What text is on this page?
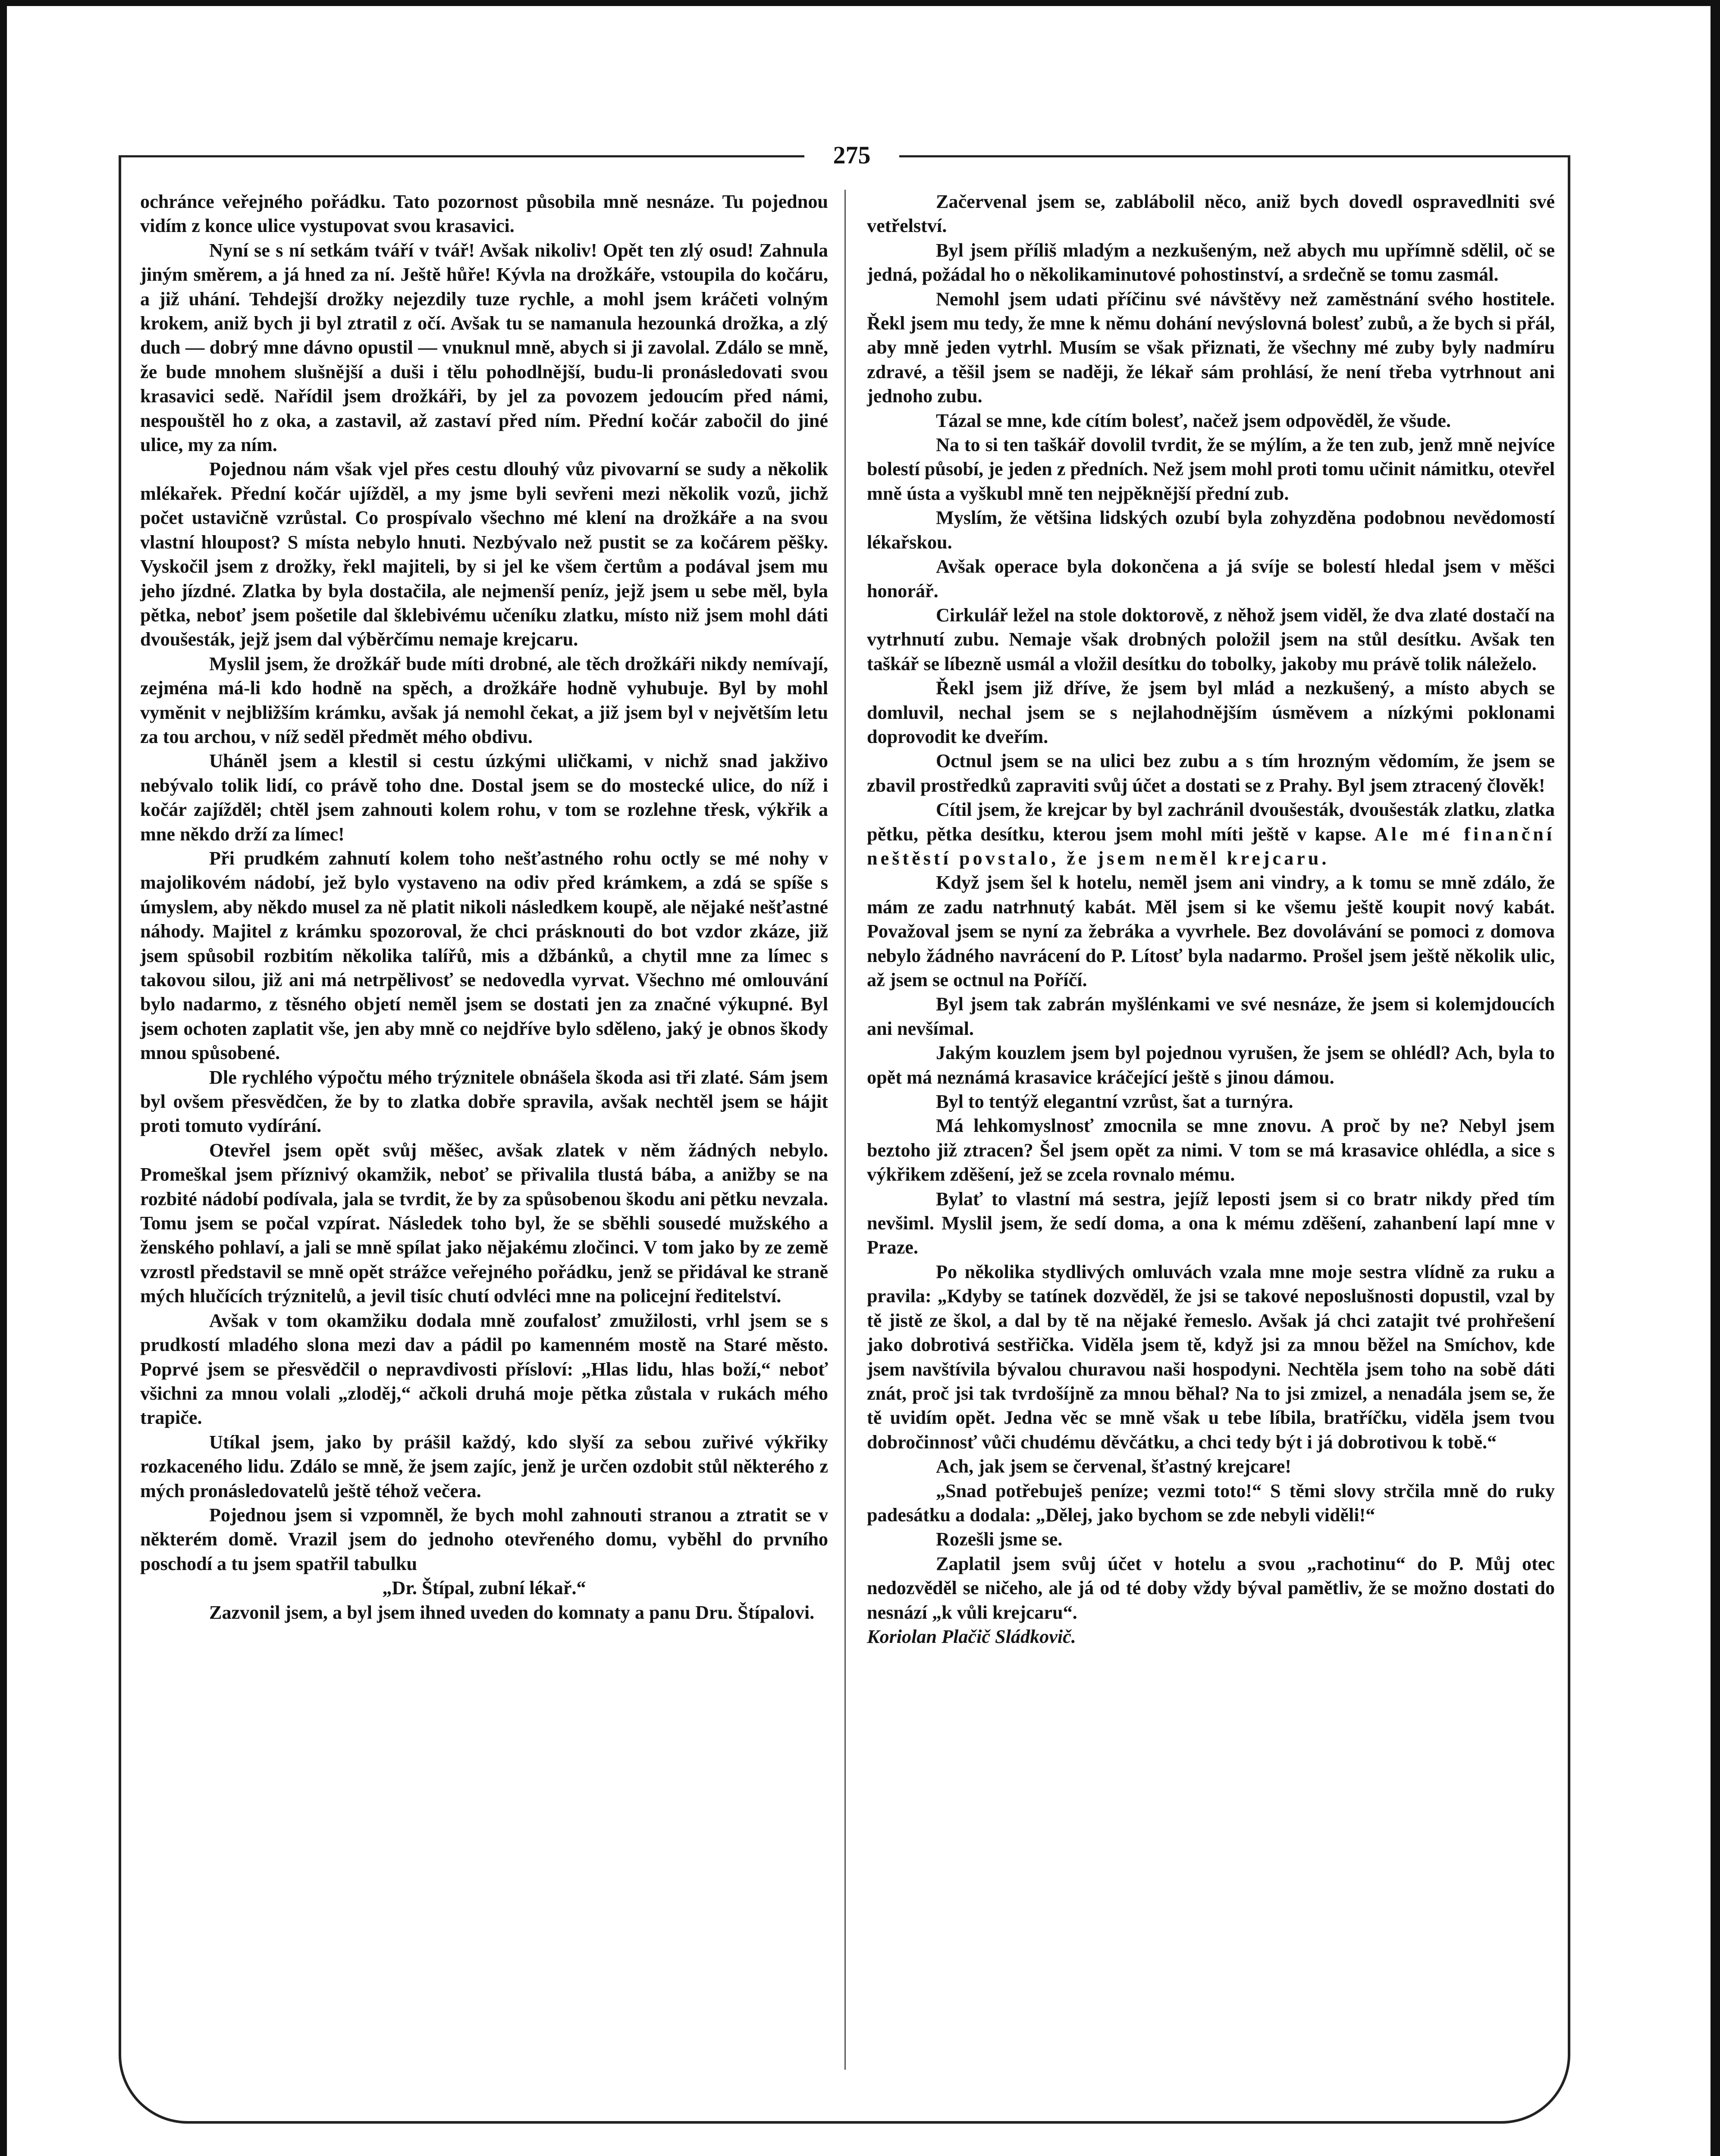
275

ochránce veřejného pořádku. Tato pozornost působila mně nesnáze. Tu pojednou vidím z konce ulice vystupovat svou krasavici.

Nyní se s ní setkám tváří v tvář! Avšak nikoliv! Opět ten zlý osud! Zahnula jiným směrem, a já hned za ní. Ještě hůře! Kývla na drožkáře, vstoupila do kočáru, a již uhání. Tehdejší drožky nejezdily tuze rychle, a mohl jsem kráčeti volným krokem, aniž bych ji byl ztratil z očí. Avšak tu se namanula hezounká drožka, a zlý duch — dobrý mne dávno opustil — vnuknul mně, abych si ji zavolal. Zdálo se mně, že bude mnohem slušnější a duši i tělu pohodlnější, budu-li pronásledovati svou krasavici sedě. Nařídil jsem drožkáři, by jel za povozem jedoucím před námi, nespouštěl ho z oka, a zastavil, až zastaví před ním. Přední kočár zabočil do jiné ulice, my za ním.

Pojednou nám však vjel přes cestu dlouhý vůz pivovarní se sudy a několik mlékařek. Přední kočár ujížděl, a my jsme byli sevřeni mezi několik vozů, jichž počet ustavičně vzrůstal. Co prospívalo všechno mé klení na drožkáře a na svou vlastní hloupost? S místa nebylo hnuti. Nezbývalo než pustit se za kočárem pěšky. Vyskočil jsem z drožky, řekl majiteli, by si jel ke všem čertům a podával jsem mu jeho jízdné. Zlatka by byla dostačila, ale nejmenší peníz, jejž jsem u sebe měl, byla pětka, neboť jsem pošetile dal šklebivému učeníku zlatku, místo niž jsem mohl dáti dvoušesták, jejž jsem dal výběrčímu nemaje krejcaru.

Myslil jsem, že drožkář bude míti drobné, ale těch drožkáři nikdy nemívají, zejména má-li kdo hodně na spěch, a drožkáře hodně vyhubuje. Byl by mohl vyměnit v nejbližším krámku, avšak já nemohl čekat, a již jsem byl v největším letu za tou archou, v níž seděl předmět mého obdivu.

Uháněl jsem a klestil si cestu úzkými uličkami, v nichž snad jakživo nebývalo tolik lidí, co právě toho dne. Dostal jsem se do mostecké ulice, do níž i kočár zajížděl; chtěl jsem zahnouti kolem rohu, v tom se rozlehne třesk, výkřik a mne někdo drží za límec!

Při prudkém zahnutí kolem toho nešťastného rohu octly se mé nohy v majolikovém nádobí, jež bylo vystaveno na odiv před krámkem, a zdá se spíše s úmyslem, aby někdo musel za ně platit nikoli následkem koupě, ale nějaké nešťastné náhody. Majitel z krámku spozoroval, že chci prásknouti do bot vzdor zkáze, již jsem spůsobil rozbitím několika talířů, mis a džbánků, a chytil mne za límec s takovou silou, již ani má netrpělivosť se nedovedla vyrvat. Všechno mé omlouvání bylo nadarmo, z těsného objetí neměl jsem se dostati jen za značné výkupné. Byl jsem ochoten zaplatit vše, jen aby mně co nejdříve bylo sděleno, jaký je obnos škody mnou spůsobené.

Dle rychlého výpočtu mého trýznitele obnášela škoda asi tři zlaté. Sám jsem byl ovšem přesvědčen, že by to zlatka dobře spravila, avšak nechtěl jsem se hájit proti tomuto vydírání.

Otevřel jsem opět svůj měšec, avšak zlatek v něm žádných nebylo. Promeškal jsem příznivý okamžik, neboť se přivalila tlustá bába, a anižby se na rozbité nádobí podívala, jala se tvrdit, že by za spůsobenou škodu ani pětku nevzala. Tomu jsem se počal vzpírat. Následek toho byl, že se sběhli sousedé mužského a ženského pohlaví, a jali se mně spílat jako nějakému zločinci. V tom jako by ze země vzrostl představil se mně opět strážce veřejného pořádku, jenž se přidával ke straně mých hlučících trýznitelů, a jevil tisíc chutí odvléci mne na policejní ředitelství.

Avšak v tom okamžiku dodala mně zoufalosť zmužilosti, vrhl jsem se s prudkostí mladého slona mezi dav a pádil po kamenném mostě na Staré město. Poprvé jsem se přesvědčil o nepravdivosti přísloví: „Hlas lidu, hlas boží,“ neboť všichni za mnou volali „zloděj,“ ačkoli druhá moje pětka zůstala v rukách mého trapiče.

Utíkal jsem, jako by prášil každý, kdo slyší za sebou zuřivé výkřiky rozkaceného lidu. Zdálo se mně, že jsem zajíc, jenž je určen ozdobit stůl některého z mých pronásledovatelů ještě téhož večera.

Pojednou jsem si vzpomněl, že bych mohl zahnouti stranou a ztratit se v některém domě. Vrazil jsem do jednoho otevřeného domu, vyběhl do prvního poschodí a tu jsem spatřil tabulku

„Dr. Štípal, zubní lékař.“

Zazvonil jsem, a byl jsem ihned uveden do komnaty a panu Dru. Štípalovi.

Začervenal jsem se, zablábolil něco, aniž bych dovedl ospravedlniti své vetřelství.

Byl jsem příliš mladým a nezkušeným, než abych mu upřímně sdělil, oč se jedná, požádal ho o několikaminutové pohostinství, a srdečně se tomu zasmál.

Nemohl jsem udati příčinu své návštěvy než zaměstnání svého hostitele. Řekl jsem mu tedy, že mne k němu dohání nevýslovná bolesť zubů, a že bych si přál, aby mně jeden vytrhl. Musím se však přiznati, že všechny mé zuby byly nadmíru zdravé, a těšil jsem se naději, že lékař sám prohlásí, že není třeba vytrhnout ani jednoho zubu.

Tázal se mne, kde cítím bolesť, načež jsem odpověděl, že všude.

Na to si ten taškář dovolil tvrdit, že se mýlím, a že ten zub, jenž mně nejvíce bolestí působí, je jeden z předních. Než jsem mohl proti tomu učinit námitku, otevřel mně ústa a vyškubl mně ten nejpěknější přední zub.

Myslím, že většina lidských ozubí byla zohyzděna podobnou nevědomostí lékařskou.

Avšak operace byla dokončena a já svíje se bolestí hledal jsem v měšci honorář.

Cirkulář ležel na stole doktorově, z něhož jsem viděl, že dva zlaté dostačí na vytrhnutí zubu. Nemaje však drobných položil jsem na stůl desítku. Avšak ten taškář se líbezně usmál a vložil desítku do tobolky, jakoby mu právě tolik náleželo.

Řekl jsem již dříve, že jsem byl mlád a nezkušený, a místo abych se domluvil, nechal jsem se s nejlahodnějším úsměvem a nízkými poklonami doprovodit ke dveřím.

Octnul jsem se na ulici bez zubu a s tím hrozným vědomím, že jsem se zbavil prostředků zapraviti svůj účet a dostati se z Prahy. Byl jsem ztracený člověk!

Cítil jsem, že krejcar by byl zachránil dvoušesták, dvoušesták zlatku, zlatka pětku, pětka desítku, kterou jsem mohl míti ještě v kapse. Ale mé finanční neštěstí povstalo, že jsem neměl krejcaru.

Když jsem šel k hotelu, neměl jsem ani vindry, a k tomu se mně zdálo, že mám ze zadu natrhnutý kabát. Měl jsem si ke všemu ještě koupit nový kabát. Považoval jsem se nyní za žebráka a vyvrhele. Bez dovolávání se pomoci z domova nebylo žádného navrácení do P. Lítosť byla nadarmo. Prošel jsem ještě několik ulic, až jsem se octnul na Poříčí.

Byl jsem tak zabrán myšlénkami ve své nesnáze, že jsem si kolemjdoucích ani nevšímal.

Jakým kouzlem jsem byl pojednou vyrušen, že jsem se ohlédl? Ach, byla to opět má neznámá krasavice kráčející ještě s jinou dámou.

Byl to tentýž elegantní vzrůst, šat a turnýra.

Má lehkomyslnosť zmocnila se mne znovu. A proč by ne? Nebyl jsem beztoho již ztracen? Šel jsem opět za nimi. V tom se má krasavice ohlédla, a sice s výkřikem zděšení, jež se zcela rovnalo mému.

Bylať to vlastní má sestra, jejíž leposti jsem si co bratr nikdy před tím nevšiml. Myslil jsem, že sedí doma, a ona k mému zděšení, zahanbení lapí mne v Praze.

Po několika stydlivých omluvách vzala mne moje sestra vlídně za ruku a pravila: „Kdyby se tatínek dozvěděl, že jsi se takové neposlušnosti dopustil, vzal by tě jistě ze škol, a dal by tě na nějaké řemeslo. Avšak já chci zatajit tvé prohřešení jako dobrotivá sestřička. Viděla jsem tě, když jsi za mnou běžel na Smíchov, kde jsem navštívila bývalou churavou naši hospodyni. Nechtěla jsem toho na sobě dáti znát, proč jsi tak tvrdošíjně za mnou běhal? Na to jsi zmizel, a nenadála jsem se, že tě uvidím opět. Jedna věc se mně však u tebe líbila, bratříčku, viděla jsem tvou dobročinnosť vůči chudému děvčátku, a chci tedy být i já dobrotivou k tobě.“

Ach, jak jsem se červenal, šťastný krejcare!

„Snad potřebuješ peníze; vezmi toto!“ S těmi slovy strčila mně do ruky padesátku a dodala: „Dělej, jako bychom se zde nebyli viděli!“

Rozešli jsme se.

Zaplatil jsem svůj účet v hotelu a svou „rachotinu“ do P. Můj otec nedozvěděl se ničeho, ale já od té doby vždy býval pamětliv, že se možno dostati do nesnází „k vůli krejcaru“.

Koriolan Plačič Sládkovič.
